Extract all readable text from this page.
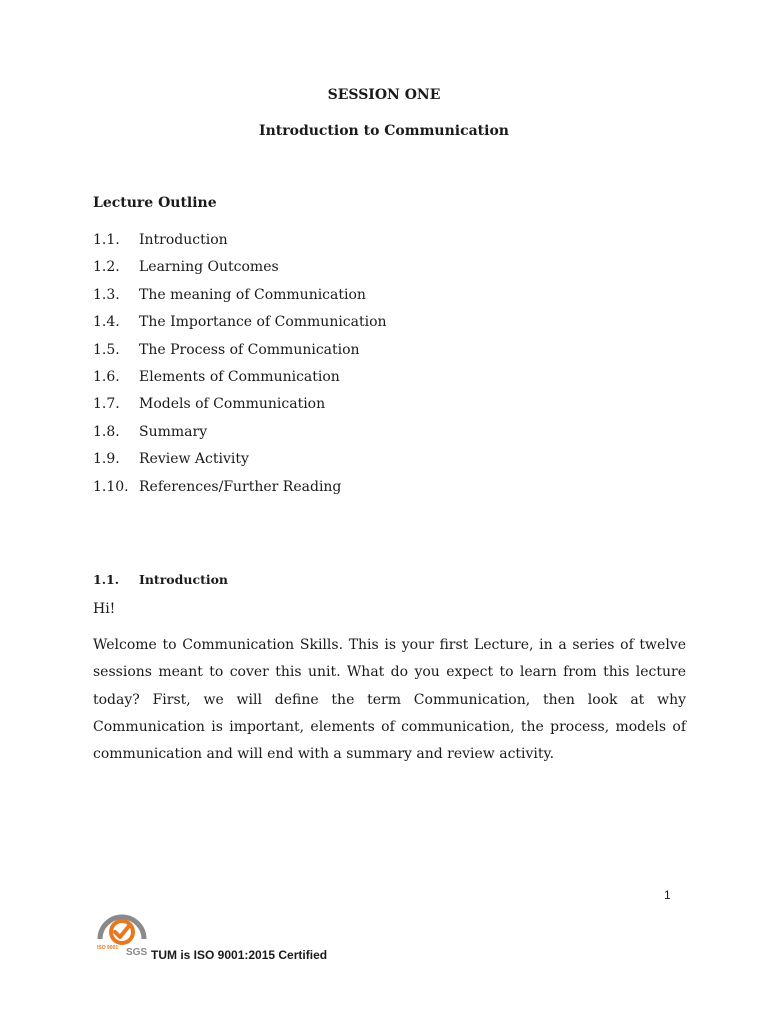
SESSION ONE
Introduction to Communication
Lecture Outline
1.1.	Introduction
1.2.	Learning Outcomes
1.3.	The meaning of Communication
1.4.	The Importance of Communication
1.5.	The Process of Communication
1.6.	Elements of Communication
1.7.	Models of Communication
1.8.	Summary
1.9.	Review Activity
1.10. References/Further Reading
1.1.	Introduction
Hi!

Welcome to Communication Skills. This is your first Lecture, in a series of twelve sessions meant to cover this unit. What do you expect to learn from this lecture today? First, we will define the term Communication, then look at why Communication is important, elements of communication, the process, models of communication and will end with a summary and review activity.

1
ISO 9001 SGS TUM is ISO 9001:2015 Certified
